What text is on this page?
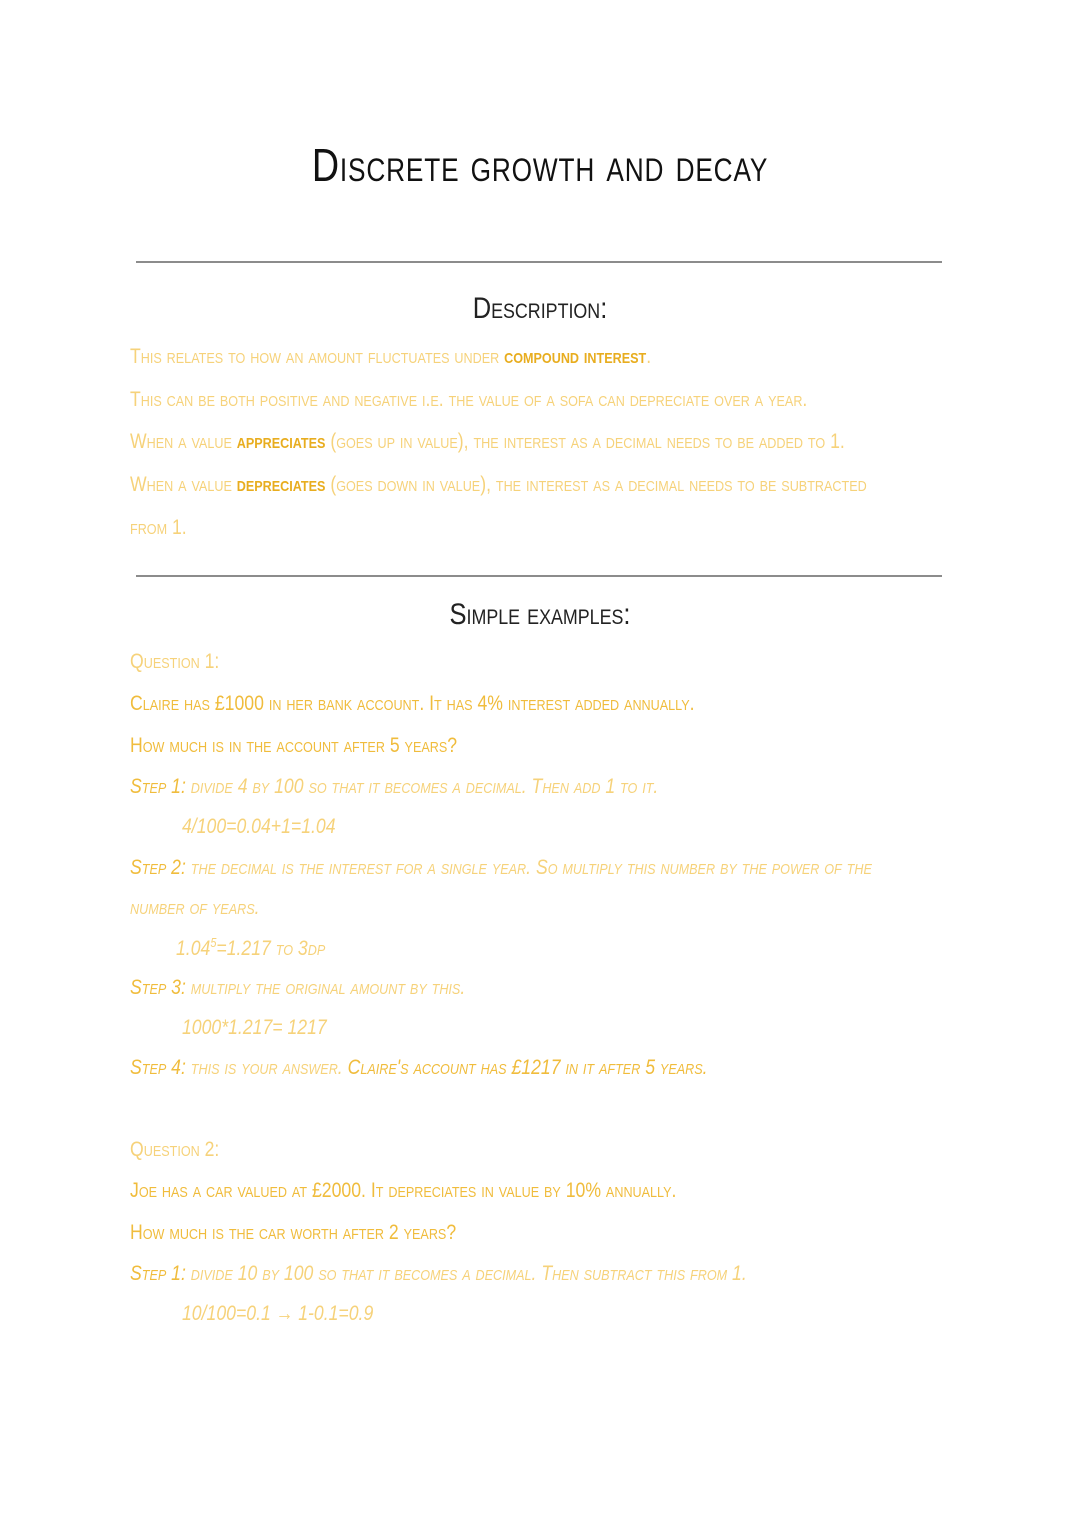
Discrete growth and decay
Description:
This relates to how an amount fluctuates under compound interest.
This can be both positive and negative i.e. the value of a sofa can depreciate over a year.
When a value appreciates (goes up in value), the interest as a decimal needs to be added to 1.
When a value depreciates (goes down in value), the interest as a decimal needs to be subtracted
from 1.
Simple examples:
Question 1:
Claire has £1000 in her bank account. It has 4% interest added annually.
How much is in the account after 5 years?
Step 1: divide 4 by 100 so that it becomes a decimal. Then add 1 to it.
4/100=0.04+1=1.04
Step 2: the decimal is the interest for a single year. So multiply this number by the power of the
number of years.
$1.04^5=1.217$ to 3dp
Step 3: multiply the original amount by this.
1000*1.217= 1217
Step 4: this is your answer. Claire's account has £1217 in it after 5 years.
Question 2:
Joe has a car valued at £2000. It depreciates in value by 10% annually.
How much is the car worth after 2 years?
Step 1: divide 10 by 100 so that it becomes a decimal. Then subtract this from 1.
10/100=0.1 → 1-0.1=0.9
